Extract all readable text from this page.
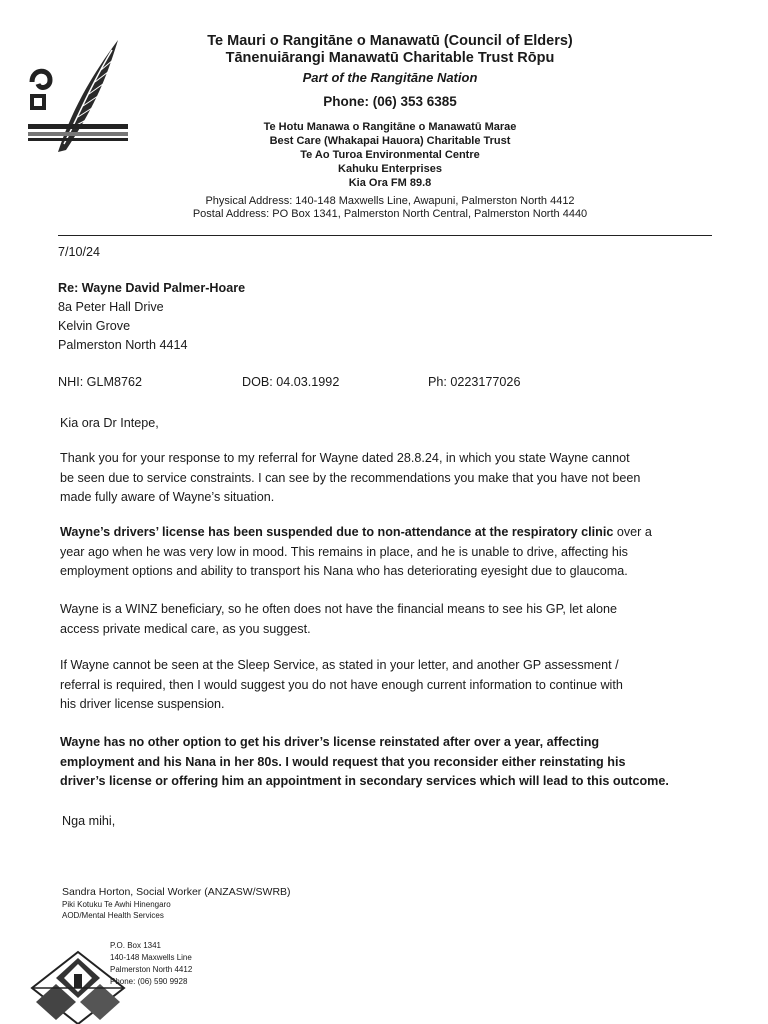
Te Mauri o Rangitāne o Manawatū (Council of Elders)
Tānenuiārangi Manawatū Charitable Trust Rōpu
Part of the Rangitāne Nation
Phone: (06) 353 6385
Te Hotu Manawa o Rangitāne o Manawatū Marae
Best Care (Whakapai Hauora) Charitable Trust
Te Ao Turoa Environmental Centre
Kahuku Enterprises
Kia Ora FM 89.8
Physical Address: 140-148 Maxwells Line, Awapuni, Palmerston North 4412
Postal Address: PO Box 1341, Palmerston North Central, Palmerston North 4440
7/10/24
Re: Wayne David Palmer-Hoare
8a Peter Hall Drive
Kelvin Grove
Palmerston North 4414
NHI: GLM8762	DOB: 04.03.1992	Ph: 0223177026
Kia ora Dr Intepe,
Thank you for your response to my referral for Wayne dated 28.8.24, in which you state Wayne cannot
be seen due to service constraints. I can see by the recommendations you make that you have not been
made fully aware of Wayne’s situation.
Wayne’s drivers’ license has been suspended due to non-attendance at the respiratory clinic over a
year ago when he was very low in mood. This remains in place, and he is unable to drive, affecting his
employment options and ability to transport his Nana who has deteriorating eyesight due to glaucoma.
Wayne is a WINZ beneficiary, so he often does not have the financial means to see his GP, let alone
access private medical care, as you suggest.
If Wayne cannot be seen at the Sleep Service, as stated in your letter, and another GP assessment /
referral is required, then I would suggest you do not have enough current information to continue with
his driver license suspension.
Wayne has no other option to get his driver’s license reinstated after over a year, affecting
employment and his Nana in her 80s. I would request that you reconsider either reinstating his
driver’s license or offering him an appointment in secondary services which will lead to this outcome.
Nga mihi,
Sandra Horton, Social Worker (ANZASW/SWRB)
Piki Kotuku Te Awhi Hinengaro
AOD/Mental Health Services
P.O. Box 1341
140-148 Maxwells Line
Palmerston North 4412
Phone: (06) 590 9928
